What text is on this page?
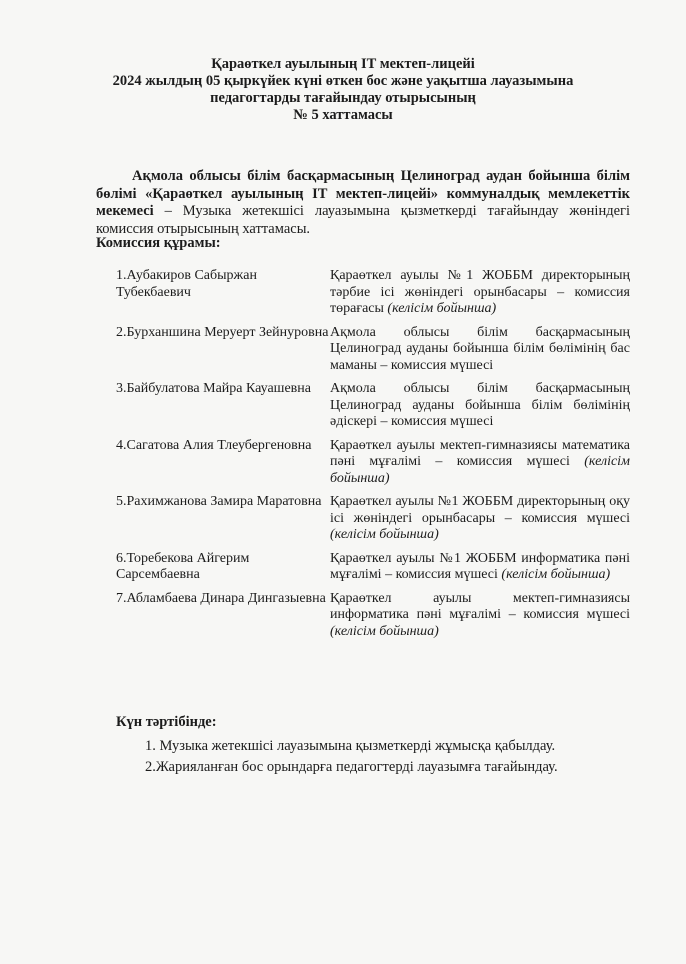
Қараөткел ауылының IT мектеп-лицейі
2024 жылдың 05 қыркүйек күні өткен бос және уақытша лауазымына
педагогтарды тағайындау отырысының
№ 5 хаттамасы
Ақмола облысы білім басқармасының Целиноград аудан бойынша білім бөлімі «Қараөткел ауылының IT мектеп-лицейі» коммуналдық мемлекеттік мекемесі – Музыка жетекшісі лауазымына қызметкерді тағайындау жөніндегі комиссия отырысының хаттамасы.
Комиссия құрамы:
1.Аубакиров Сабыржан Тубекбаевич
Қараөткел ауылы №1 ЖОББМ директорының тәрбие ісі жөніндегі орынбасары – комиссия төрағасы (келісім бойынша)
2.Бурханшина Меруерт Зейнуровна Ақмола облысы білім басқармасының Целиноград ауданы бойынша білім бөлімінің бас маманы – комиссия мүшесі
3.Байбулатова Майра Кауашевна	Ақмола облысы білім басқармасының Целиноград ауданы бойынша білім бөлімінің әдіскері – комиссия мүшесі
4.Сагатова Алия Тлеубергеновна	Қараөткел ауылы мектеп-гимназиясы математика пәні мұғалімі – комиссия мүшесі (келісім бойынша)
5.Рахимжанова Замира Маратовна Қараөткел ауылы №1 ЖОББМ директорының оқу ісі жөніндегі орынбасары – комиссия мүшесі (келісім бойынша)
6.Торебекова Айгерим Сарсембаевна
Қараөткел ауылы №1 ЖОББМ информатика пәні мұғалімі – комиссия мүшесі (келісім бойынша)
7.Абламбаева Динара Дингазыевна Қараөткел ауылы мектеп-гимназиясы информатика пәні мұғалімі – комиссия мүшесі (келісім бойынша)
Күн тәртібінде:
1. Музыка жетекшісі лауазымына қызметкерді жұмысқа қабылдау.
2.Жарияланған бос орындарға педагогтерді лауазымға тағайындау.
